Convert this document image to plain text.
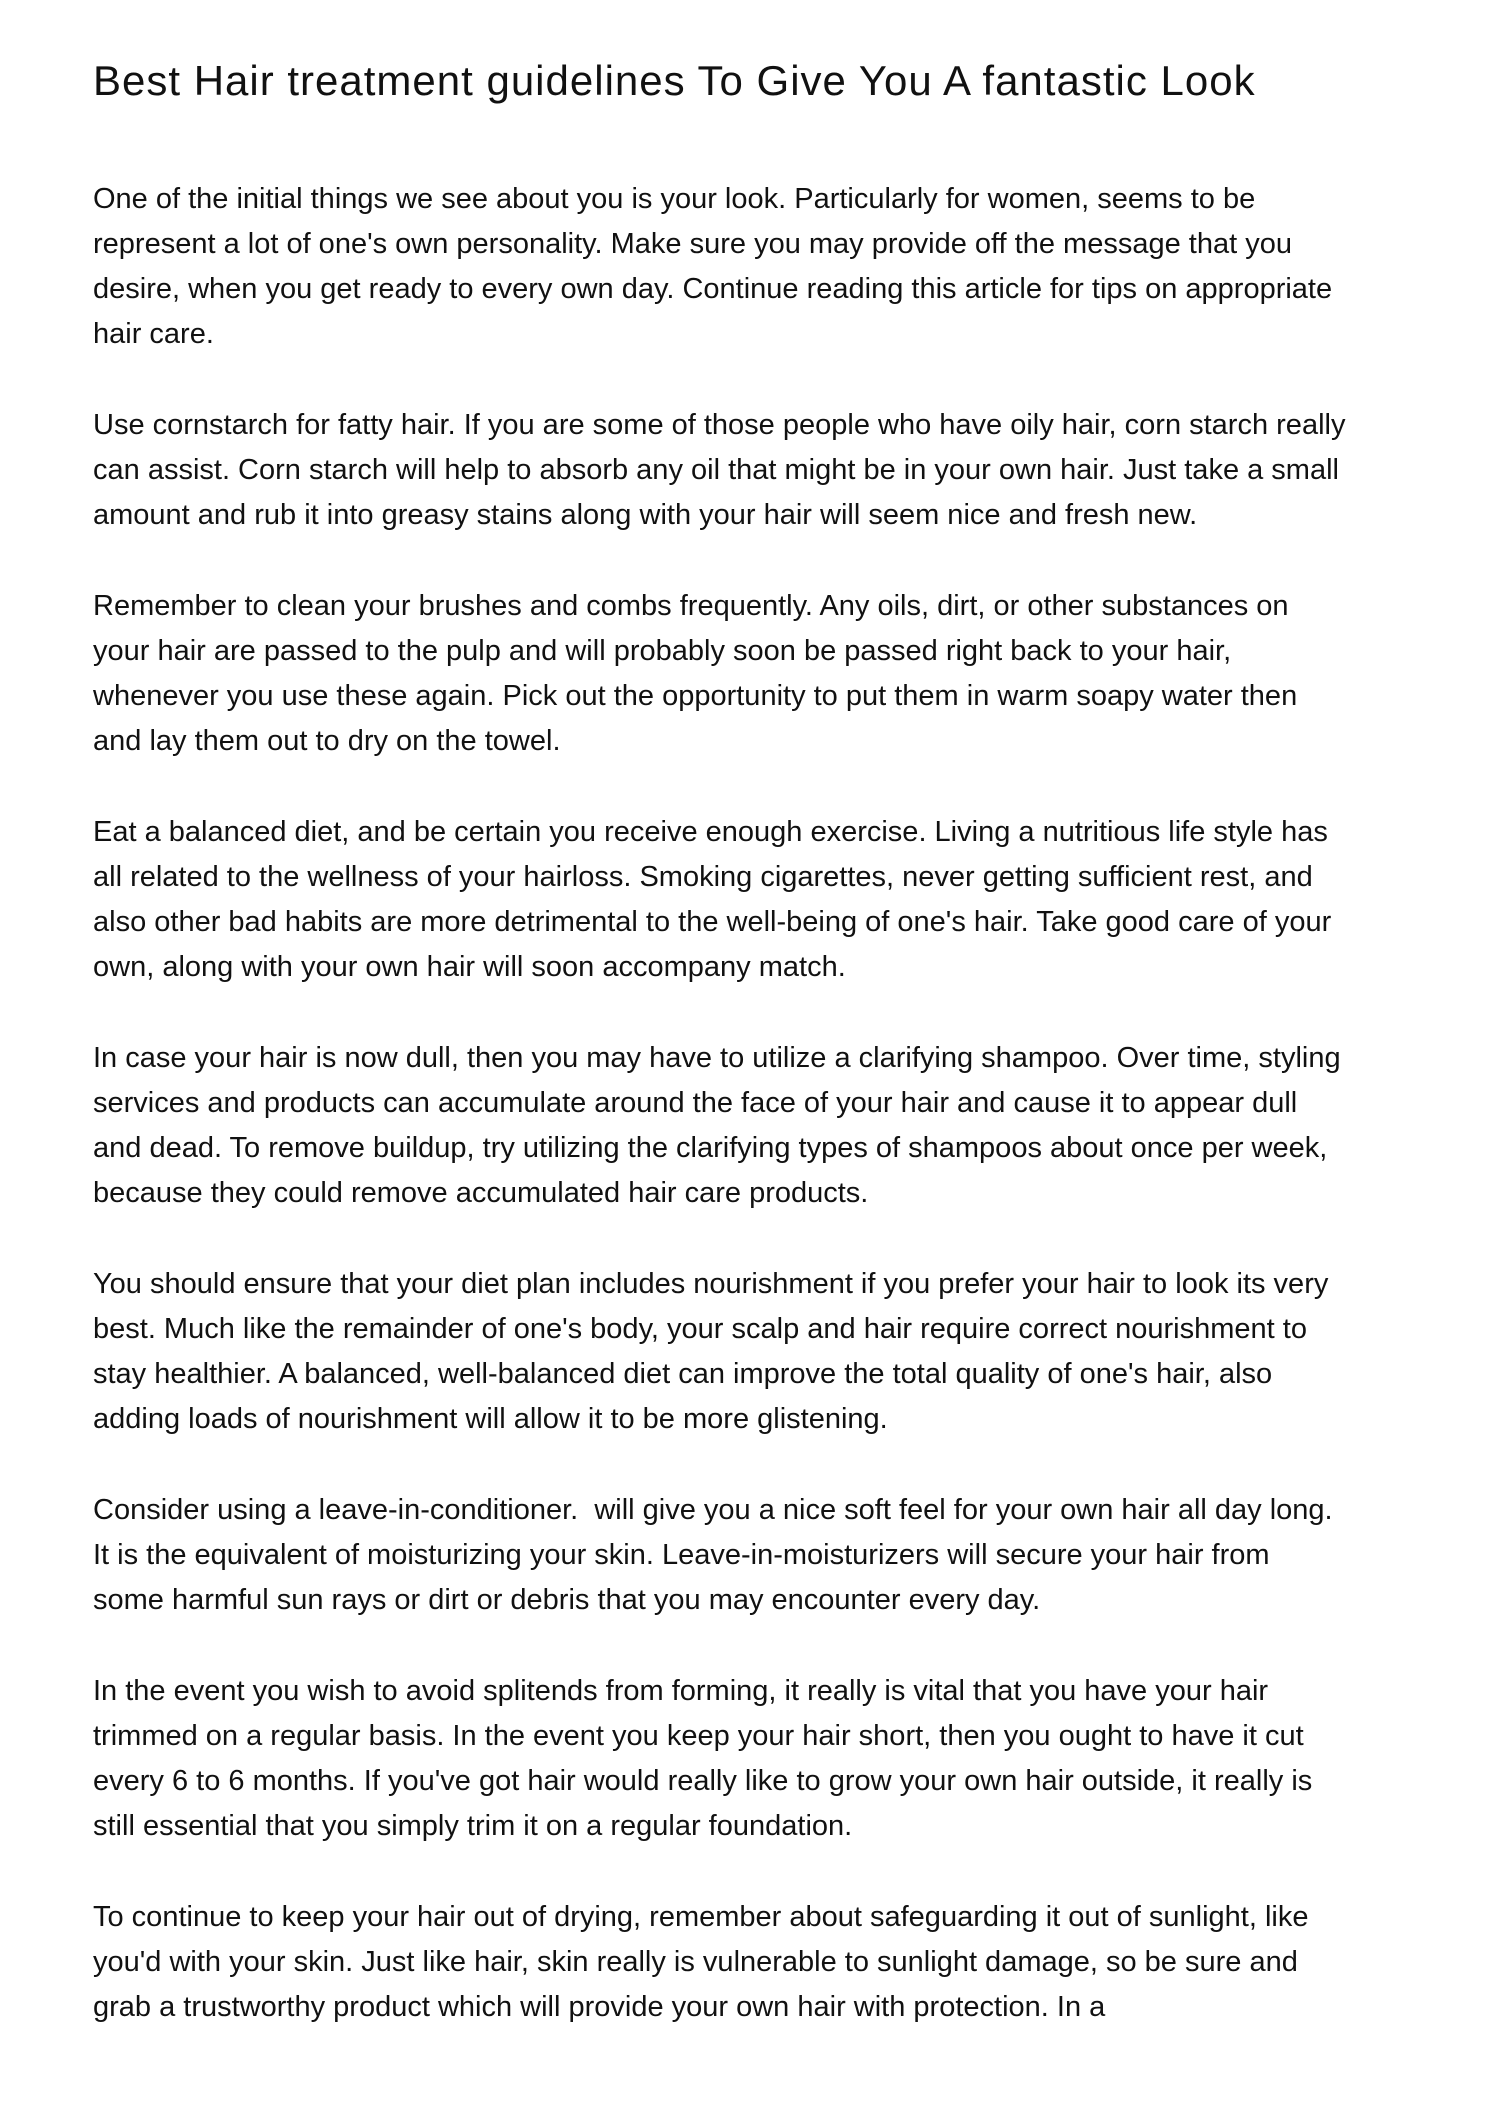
Best Hair treatment guidelines To Give You A fantastic Look

One of the initial things we see about you is your look. Particularly for women, seems to be represent a lot of one's own personality. Make sure you may provide off the message that you desire, when you get ready to every own day. Continue reading this article for tips on appropriate hair care.

Use cornstarch for fatty hair. If you are some of those people who have oily hair, corn starch really can assist. Corn starch will help to absorb any oil that might be in your own hair. Just take a small amount and rub it into greasy stains along with your hair will seem nice and fresh new.

Remember to clean your brushes and combs frequently. Any oils, dirt, or other substances on your hair are passed to the pulp and will probably soon be passed right back to your hair, whenever you use these again. Pick out the opportunity to put them in warm soapy water then and lay them out to dry on the towel.

Eat a balanced diet, and be certain you receive enough exercise. Living a nutritious life style has all related to the wellness of your hairloss. Smoking cigarettes, never getting sufficient rest, and also other bad habits are more detrimental to the well-being of one's hair. Take good care of your own, along with your own hair will soon accompany match.

In case your hair is now dull, then you may have to utilize a clarifying shampoo. Over time, styling services and products can accumulate around the face of your hair and cause it to appear dull and dead. To remove buildup, try utilizing the clarifying types of shampoos about once per week, because they could remove accumulated hair care products.

You should ensure that your diet plan includes nourishment if you prefer your hair to look its very best. Much like the remainder of one's body, your scalp and hair require correct nourishment to stay healthier. A balanced, well-balanced diet can improve the total quality of one's hair, also adding loads of nourishment will allow it to be more glistening.

Consider using a leave-in-conditioner.  will give you a nice soft feel for your own hair all day long. It is the equivalent of moisturizing your skin. Leave-in-moisturizers will secure your hair from some harmful sun rays or dirt or debris that you may encounter every day.

In the event you wish to avoid splitends from forming, it really is vital that you have your hair trimmed on a regular basis. In the event you keep your hair short, then you ought to have it cut every 6 to 6 months. If you've got hair would really like to grow your own hair outside, it really is still essential that you simply trim it on a regular foundation.

To continue to keep your hair out of drying, remember about safeguarding it out of sunlight, like you'd with your skin. Just like hair, skin really is vulnerable to sunlight damage, so be sure and grab a trustworthy product which will provide your own hair with protection. In a
